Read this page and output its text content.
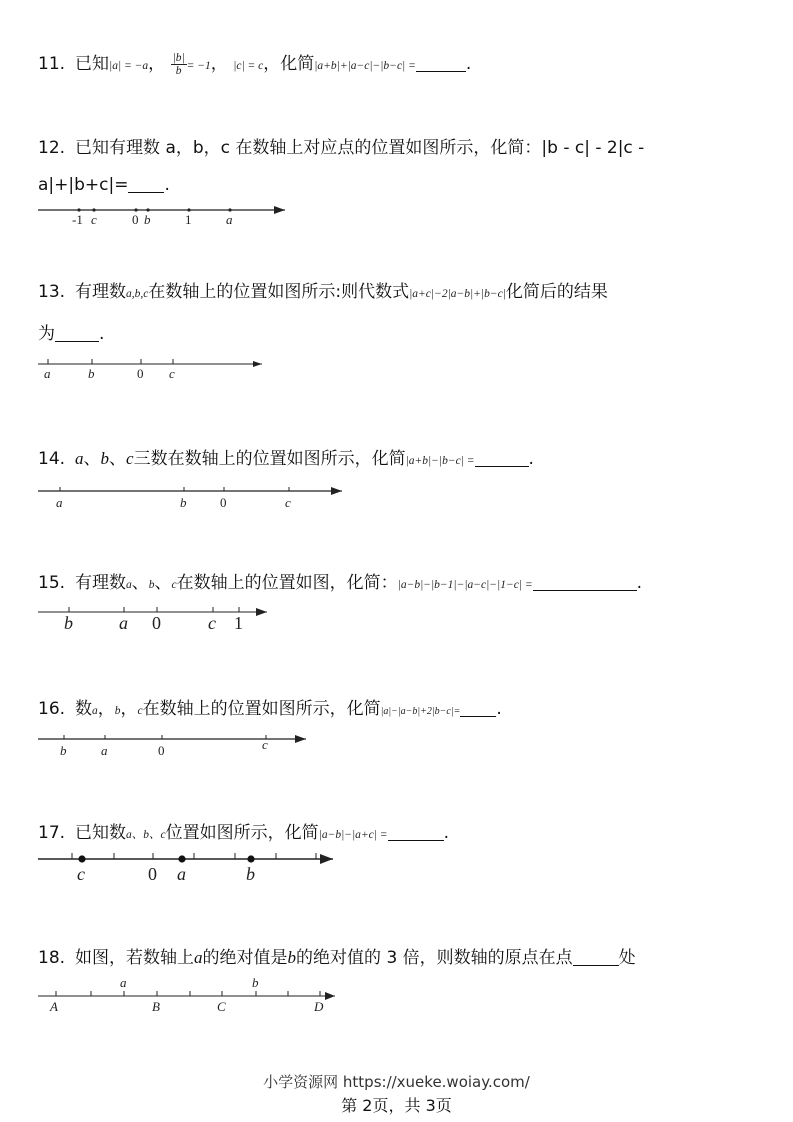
11. 已知|a| = −a， $\frac{|b|}{b} = -1$， |c| = c，化简|a+b|+|a−c|−|b−c| =	.
12. 已知有理数 a，b，c 在数轴上对应点的位置如图所示，化简：|b - c| - 2|c -
a|+|b+c|= .
-1 c	0 b	1	a
13. 有理数a,b,c在数轴上的位置如图所示:则代数式|a+c|−2|a−b|+|b−c|化简后的结果
为	.
a	b	0 c
14. a、b、c三数在数轴上的位置如图所示，化简|a+b|−|b−c| =	.
a	b	0	c
15. 有理数a、b、c在数轴上的位置如图，化简：|a−b|−|b−1|−|a−c|−|1−c| =	.
b	a 0	c 1
16. 数a，b，c在数轴上的位置如图所示，化简|a|−|a−b|+2|b−c|= .
b	a	0	c
17. 已知数a、b、c位置如图所示，化简|a−b|−|a+c| =	.
c	0 a	b
18. 如图，若数轴上a的绝对值是b的绝对值的 3 倍，则数轴的原点在点	处
a	b
A	B	C	D
小学资源网 https://xueke.woiay.com/
第 2页，共 3页
